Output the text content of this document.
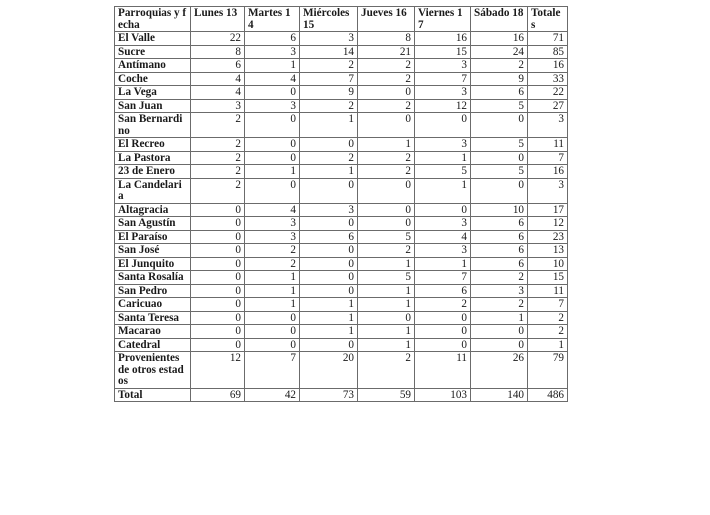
Parroquias y fecha	Lunes 13	Martes 14	Miércoles 15	Jueves 16	Viernes 17	Sábado 18	Totales
El Valle	22	6	3	8	16	16	71
Sucre	8	3	14	21	15	24	85
Antímano	6	1	2	2	3	2	16
Coche	4	4	7	2	7	9	33
La Vega	4	0	9	0	3	6	22
San Juan	3	3	2	2	12	5	27
San Bernardino	2	0	1	0	0	0	3
El Recreo	2	0	0	1	3	5	11
La Pastora	2	0	2	2	1	0	7
23 de Enero	2	1	1	2	5	5	16
La Candelaria	2	0	0	0	1	0	3
Altagracia	0	4	3	0	0	10	17
San Agustín	0	3	0	0	3	6	12
El Paraíso	0	3	6	5	4	6	23
San José	0	2	0	2	3	6	13
El Junquito	0	2	0	1	1	6	10
Santa Rosalía	0	1	0	5	7	2	15
San Pedro	0	1	0	1	6	3	11
Caricuao	0	1	1	1	2	2	7
Santa Teresa	0	0	1	0	0	1	2
Macarao	0	0	1	1	0	0	2
Catedral	0	0	0	1	0	0	1
Provenientes de otros estados	12	7	20	2	11	26	79
Total	69	42	73	59	103	140	486
